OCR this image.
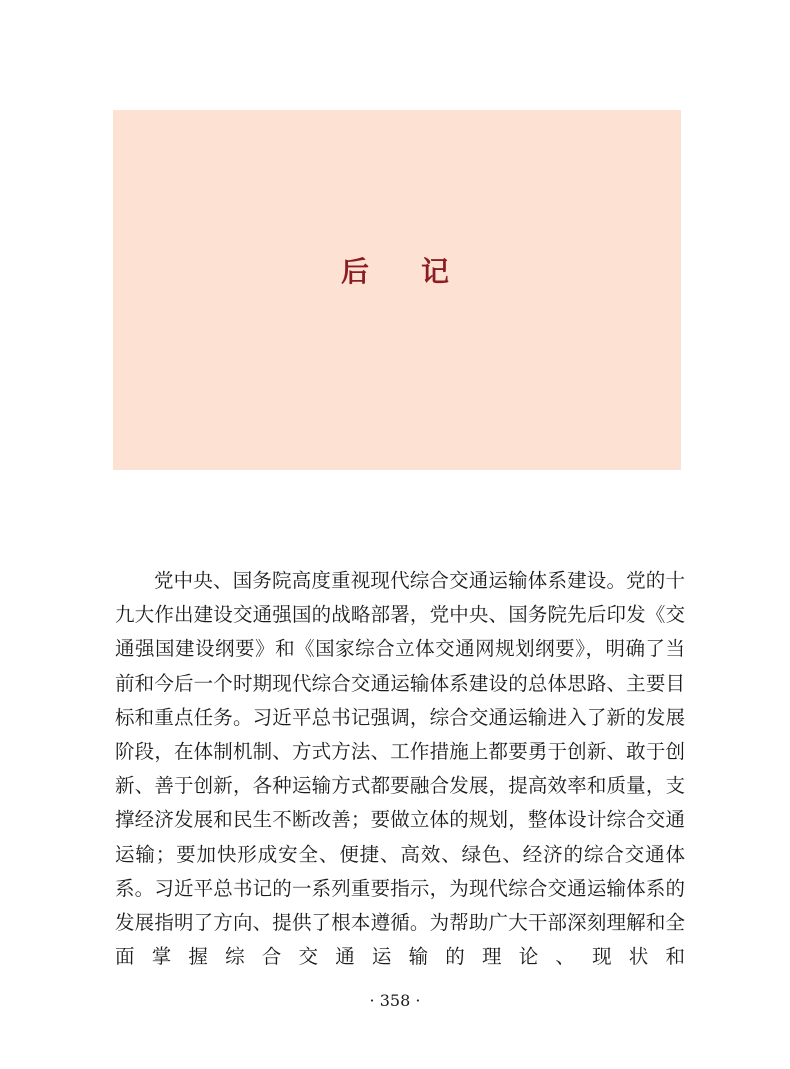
后记

党中央、国务院高度重视现代综合交通运输体系建设。党的十九大作出建设交通强国的战略部署，党中央、国务院先后印发《交通强国建设纲要》和《国家综合立体交通网规划纲要》，明确了当前和今后一个时期现代综合交通运输体系建设的总体思路、主要目标和重点任务。习近平总书记强调，综合交通运输进入了新的发展阶段，在体制机制、方式方法、工作措施上都要勇于创新、敢于创新、善于创新，各种运输方式都要融合发展，提高效率和质量，支撑经济发展和民生不断改善；要做立体的规划，整体设计综合交通运输；要加快形成安全、便捷、高效、绿色、经济的综合交通体系。习近平总书记的一系列重要指示，为现代综合交通运输体系的发展指明了方向、提供了根本遵循。为帮助广大干部深刻理解和全面掌握综合交通运输的理论、现状和

· 358 ·
